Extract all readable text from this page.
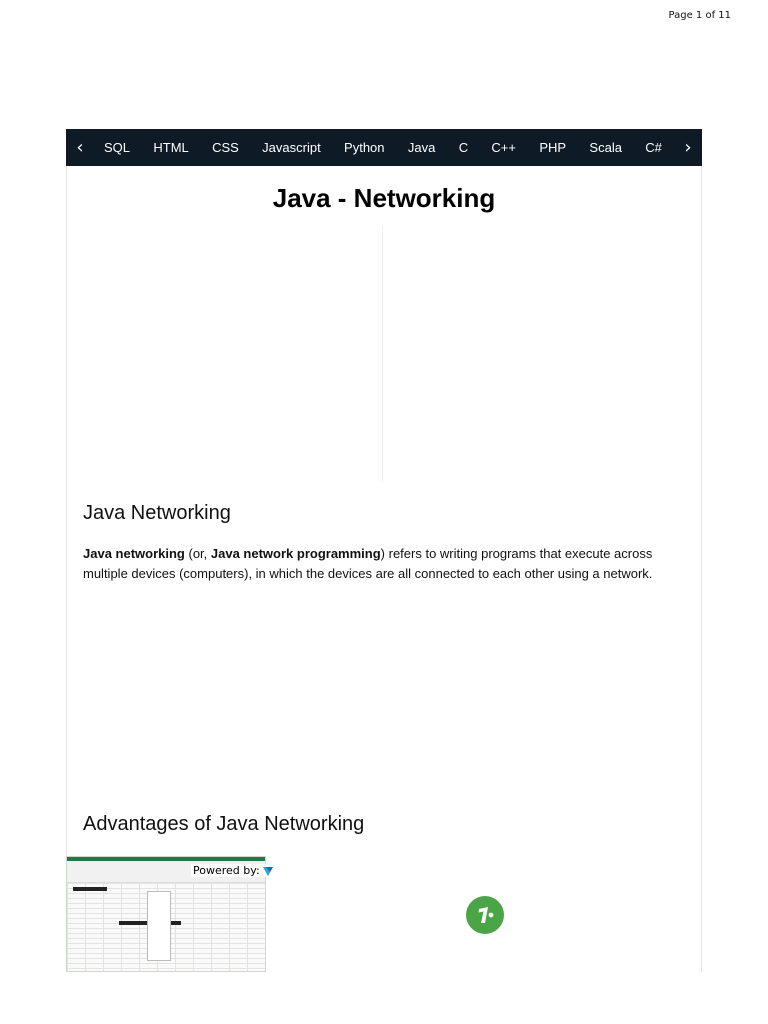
Page 1 of 11
‹	SQL	HTML	CSS	Javascript	Python	Java	C	C++	PHP	Scala	C#	›
Java - Networking
Java Networking

Java networking (or, Java network programming) refers to writing programs that execute across multiple devices (computers), in which the devices are all connected to each other using a network.

Advantages of Java Networking
Powered by:
